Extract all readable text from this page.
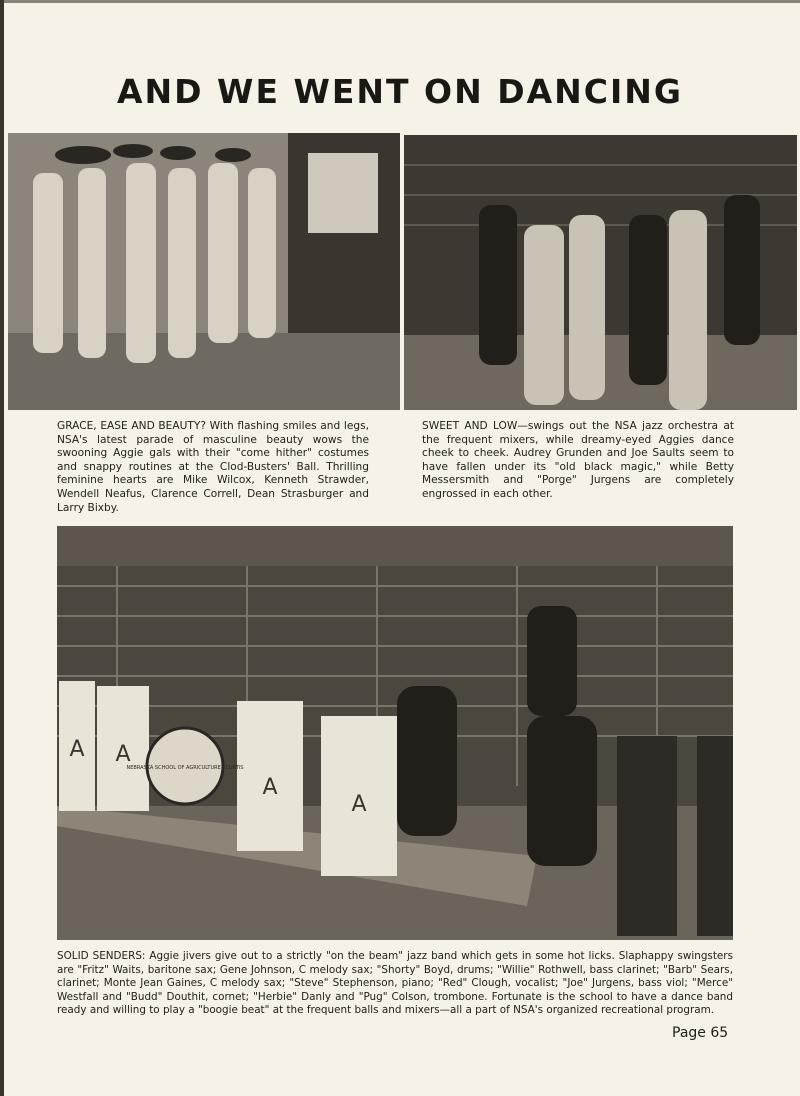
AND WE WENT ON DANCING
GRACE, EASE AND BEAUTY? With flashing smiles and legs, NSA's latest parade of masculine beauty wows the swooning Aggie gals with their "come hither" costumes and snappy routines at the Clod-Busters' Ball. Thrilling feminine hearts are Mike Wilcox, Kenneth Strawder, Wendell Neafus, Clarence Correll, Dean Strasburger and Larry Bixby.
SWEET AND LOW—swings out the NSA jazz orchestra at the frequent mixers, while dreamy-eyed Aggies dance cheek to cheek. Audrey Grunden and Joe Saults seem to have fallen under its "old black magic," while Betty Messersmith and "Porge" Jurgens are completely engrossed in each other.
A A
A
A
NEBRASKA SCHOOL OF AGRICULTURE · CURTIS
SOLID SENDERS: Aggie jivers give out to a strictly "on the beam" jazz band which gets in some hot licks. Slaphappy swingsters are "Fritz" Waits, baritone sax; Gene Johnson, C melody sax; "Shorty" Boyd, drums; "Willie" Rothwell, bass clarinet; "Barb" Sears, clarinet; Monte Jean Gaines, C melody sax; "Steve" Stephenson, piano; "Red" Clough, vocalist; "Joe" Jurgens, bass viol; "Merce" Westfall and "Budd" Douthit, cornet; "Herbie" Danly and "Pug" Colson, trombone. Fortunate is the school to have a dance band ready and willing to play a "boogie beat" at the frequent balls and mixers—all a part of NSA's organized recreational program.
Page 65
